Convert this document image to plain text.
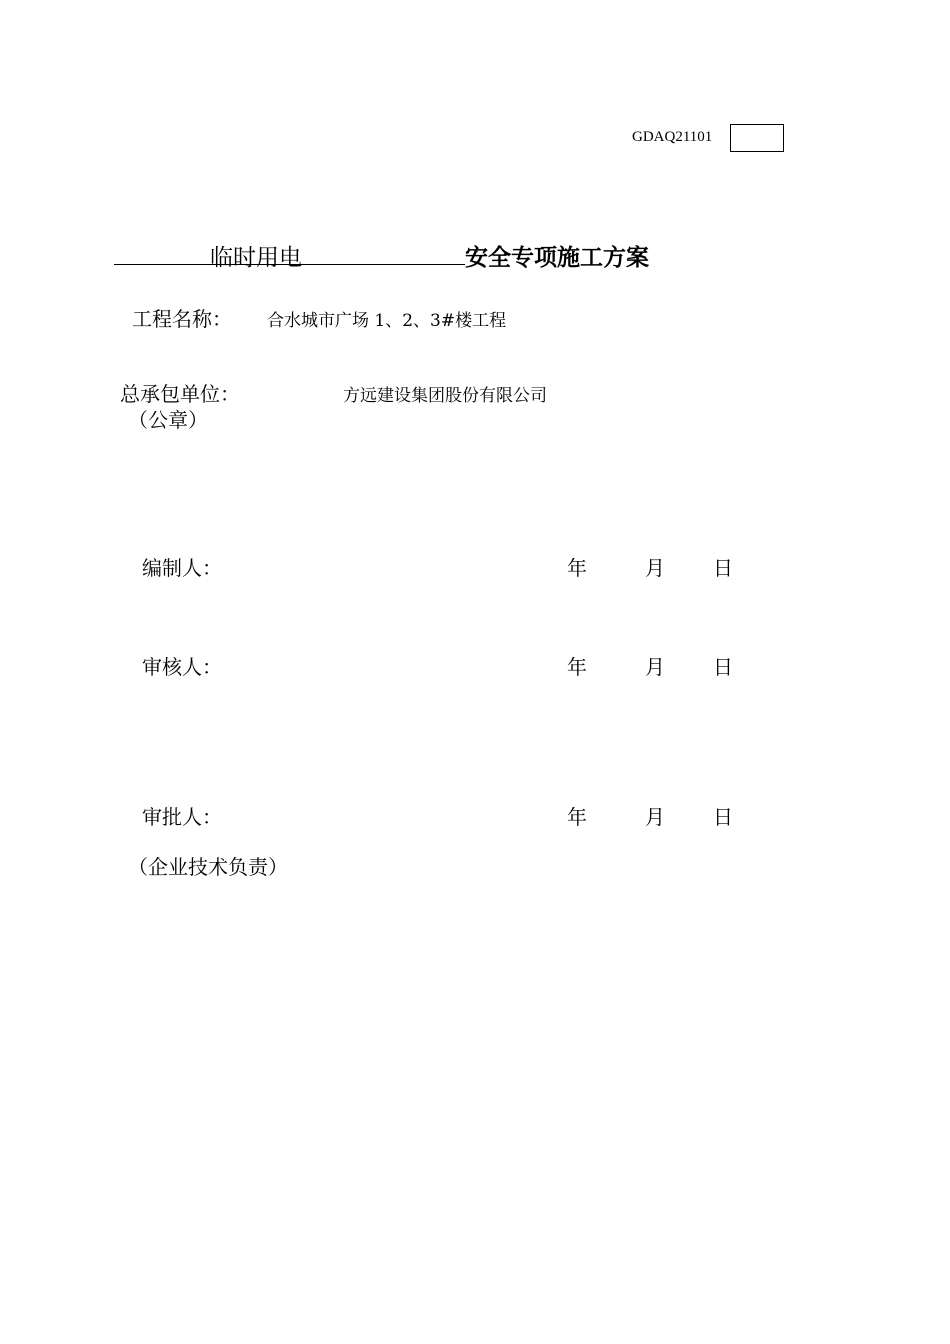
GDAQ21101
临时用电	安全专项施工方案
工程名称： 合水城市广场 1、2、3#楼工程
总承包单位：	方远建设集团股份有限公司
（公章）
编制人：	年	月 日
审核人：	年	月 日
审批人：	年	月 日
（企业技术负责）
